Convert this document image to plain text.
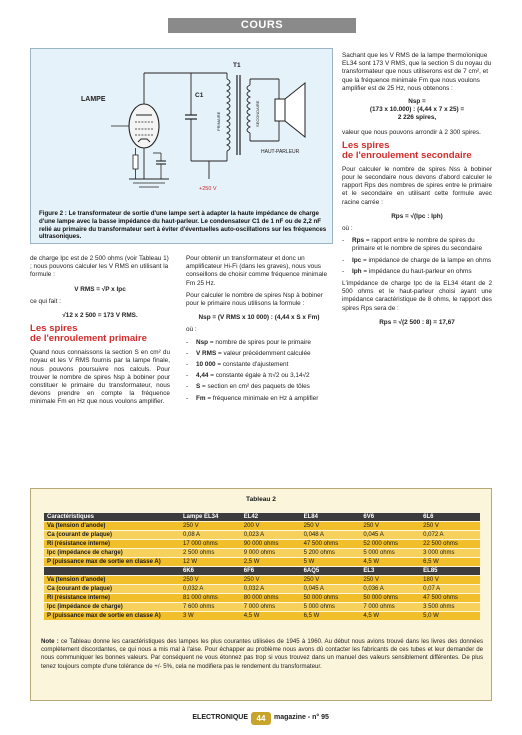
COURS
LAMPE
C1
T1
PRIMAIRE	SECONDAIRE
HAUT-PARLEUR
+250 V
Figure 2 : Le transformateur de sortie d'une lampe sert à adapter la haute impédance de charge d'une lampe avec la basse impédance du haut-parleur. Le condensateur C1 de 1 nF ou de 2,2 nF relié au primaire du transformateur sert à éviter d'éventuelles auto-oscillations sur les fréquences ultrasoniques.

de charge Ipc est de 2 500 ohms (voir Tableau 1) ; nous pouvons calculer les V RMS en utilisant la formule :

V RMS = √P x Ipc

ce qui fait :

√12 x 2 500 = 173 V RMS.

Les spires
de l'enroulement primaire

Quand nous connaissons la section S en cm² du noyau et les V RMS fournis par la lampe finale, nous pouvons poursuivre nos calculs. Pour trouver le nombre de spires Nsp à bobiner pour constituer le primaire du transformateur, nous devons prendre en compte la fréquence minimale Fm en Hz que nous voulons amplifier.

Pour obtenir un transformateur et donc un amplificateur Hi-Fi (dans les graves), nous vous conseillons de choisir comme fréquence minimale Fm 25 Hz.

Pour calculer le nombre de spires Nsp à bobiner pour le primaire nous utilisons la formule :

Nsp = (V RMS x 10 000) : (4,44 x S x Fm)

où :

- Nsp = nombre de spires pour le primaire
- V RMS = valeur précédemment calculée
- 10 000 = constante d'ajustement
- 4,44 = constante égale à π√2 ou 3,14√2
- S = section en cm² des paquets de tôles
- Fm = fréquence minimale en Hz à amplifier

Sachant que les V RMS de la lampe thermoïonique EL34 sont 173 V RMS, que la section S du noyau du transformateur que nous utiliserons est de 7 cm², et que la fréquence minimale Fm que nous voulons amplifier est de 25 Hz, nous obtenons :

Nsp =
(173 x 10.000) : (4,44 x 7 x 25) =
2 226 spires,

valeur que nous pouvons arrondir à 2 300 spires.

Les spires
de l'enroulement secondaire

Pour calculer le nombre de spires Nss à bobiner pour le secondaire nous devons d'abord calculer le rapport Rps des nombres de spires entre le primaire et le secondaire en utilisant cette formule avec racine carrée :

Rps = √(Ipc : Iph)

où :

- Rps = rapport entre le nombre de spires du primaire et le nombre de spires du secondaire
- Ipc = impédance de charge de la lampe en ohms
- Iph = impédance du haut-parleur en ohms

L'impédance de charge Ipc de la EL34 étant de 2 500 ohms et le haut-parleur choisi ayant une impédance caractéristique de 8 ohms, le rapport des spires Rps sera de :

Rps = √(2 500 : 8) = 17,67

Tableau 2
Caractéristiques	Lampe EL34	EL42	EL84	6V6	6L6
Va (tension d'anode)	250 V	200 V	250 V	250 V	250 V
Ca (courant de plaque)	0,08 A	0,023 A	0,048 A	0,045 A	0,072 A
Ri (résistance interne)	17 000 ohms	90 000 ohms	47 500 ohms	52 000 ohms	22 500 ohms
Ipc (impédance de charge)	2 500 ohms	9 000 ohms	5 200 ohms	5 000 ohms	3 000 ohms
P (puissance max de sortie en classe A)	12 W	2,5 W	5 W	4,5 W	6,5 W
	6K6	6F6	6AQ5	EL3	EL85
Va (tension d'anode)	250 V	250 V	250 V	250 V	180 V
Ca (courant de plaque)	0,032 A	0,032 A	0,045 A	0,036 A	0,07 A
Ri (résistance interne)	81 000 ohms	80 000 ohms	50 000 ohms	50 000 ohms	47 500 ohms
Ipc (impédance de charge)	7 600 ohms	7 000 ohms	5 000 ohms	7 000 ohms	3 500 ohms
P (puissance max de sortie en classe A)	3 W	4,5 W	6,5 W	4,5 W	5,0 W
Note : ce Tableau donne les caractéristiques des lampes les plus courantes utilisées de 1945 à 1960. Au début nous avions trouvé dans les livres des données complètement discordantes, ce qui nous a mis mal à l'aise. Pour échapper au problème nous avons dû contacter les fabricants de ces tubes et leur demander de nous communiquer les bonnes valeurs. Par conséquent ne vous étonnez pas trop si vous trouvez dans un manuel des valeurs sensiblement différentes. De plus tenez toujours compte d'une tolérance de +/- 5%, cela ne modifiera pas le rendement du transformateur.
ELECTRONIQUE	44	magazine - n° 95
